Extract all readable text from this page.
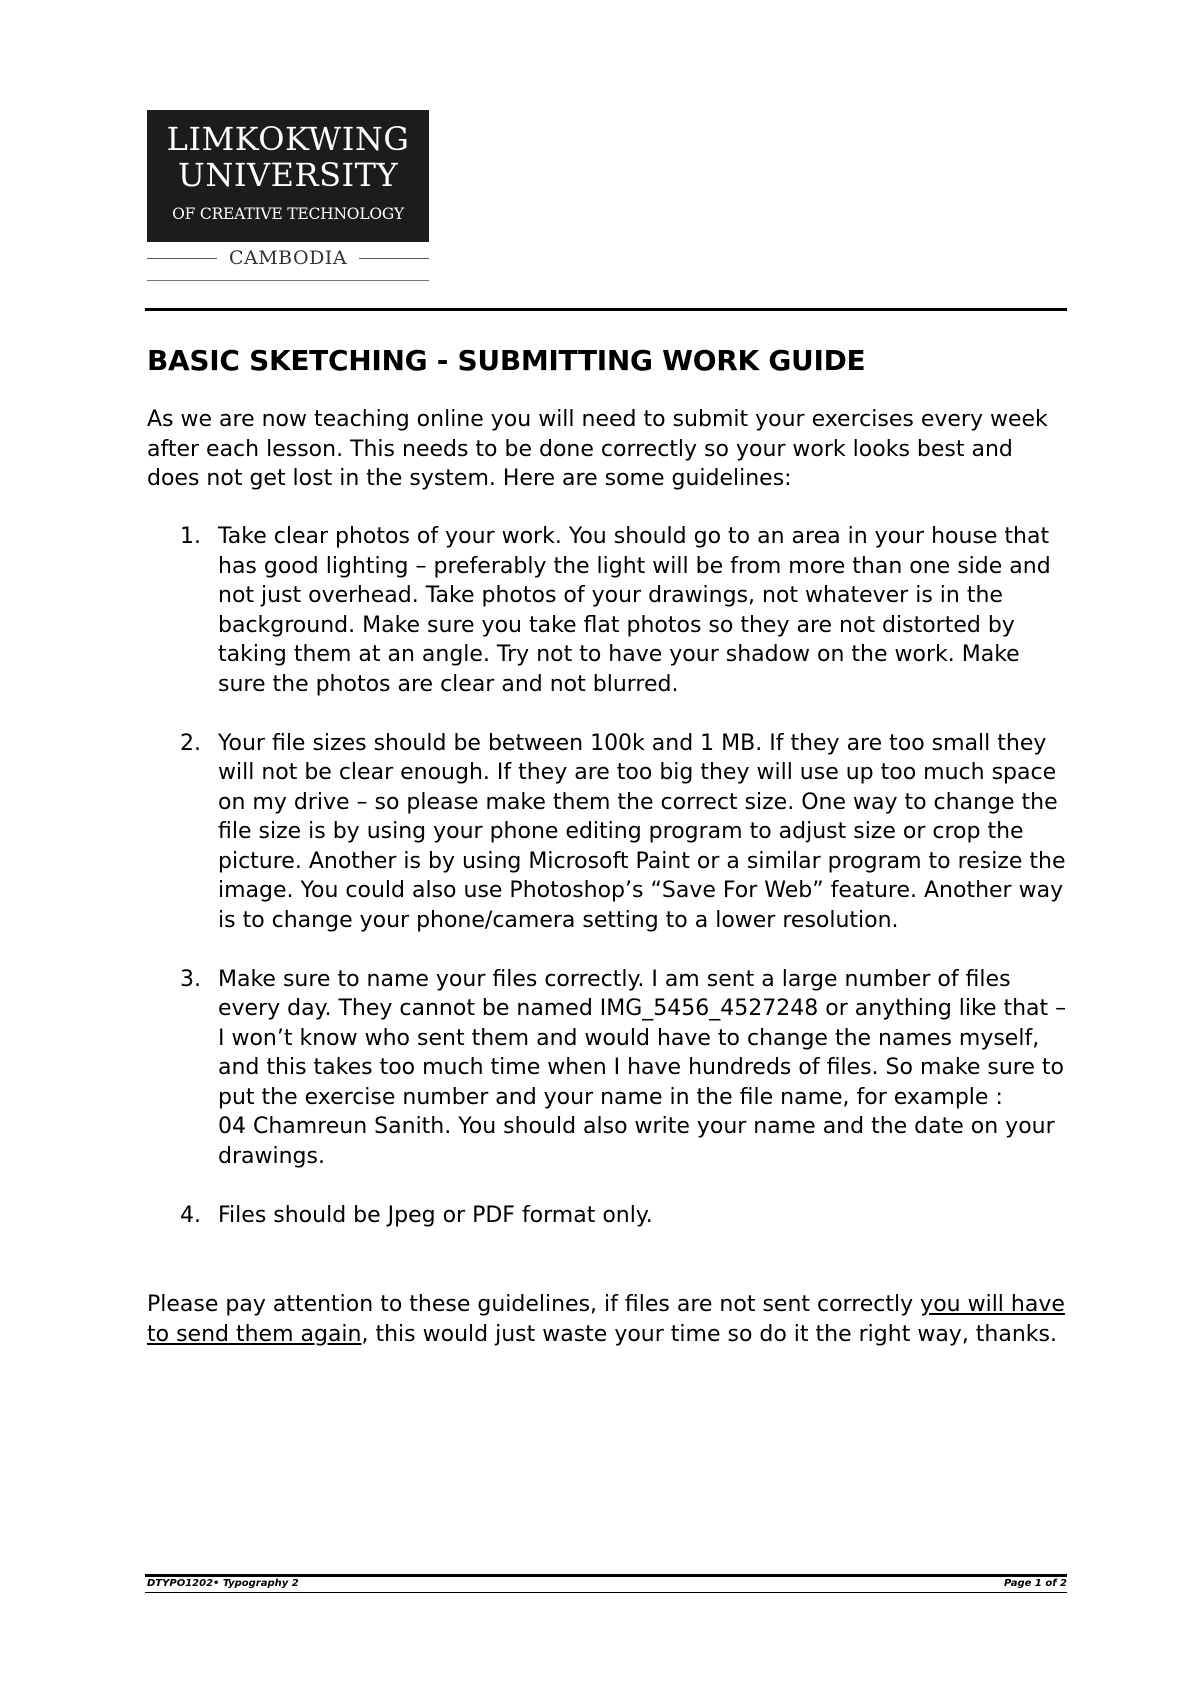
LIMKOKWING
UNIVERSITY
OF CREATIVE TECHNOLOGY
CAMBODIA
BASIC SKETCHING - SUBMITTING WORK GUIDE

As we are now teaching online you will need to submit your exercises every week after each lesson. This needs to be done correctly so your work looks best and does not get lost in the system. Here are some guidelines:

1. Take clear photos of your work. You should go to an area in your house that has good lighting – preferably the light will be from more than one side and not just overhead. Take photos of your drawings, not whatever is in the background. Make sure you take flat photos so they are not distorted by taking them at an angle. Try not to have your shadow on the work. Make sure the photos are clear and not blurred.
2. Your file sizes should be between 100k and 1 MB. If they are too small they will not be clear enough. If they are too big they will use up too much space on my drive – so please make them the correct size. One way to change the file size is by using your phone editing program to adjust size or crop the picture. Another is by using Microsoft Paint or a similar program to resize the image. You could also use Photoshop’s “Save For Web” feature. Another way is to change your phone/camera setting to a lower resolution.
3. Make sure to name your files correctly. I am sent a large number of files every day. They cannot be named IMG_5456_4527248 or anything like that – I won’t know who sent them and would have to change the names myself, and this takes too much time when I have hundreds of files. So make sure to put the exercise number and your name in the file name, for example :
04 Chamreun Sanith. You should also write your name and the date on your drawings.
4. Files should be Jpeg or PDF format only.

Please pay attention to these guidelines, if files are not sent correctly you will have to send them again, this would just waste your time so do it the right way, thanks.

DTYPO1202• Typography 2	Page 1 of 2
